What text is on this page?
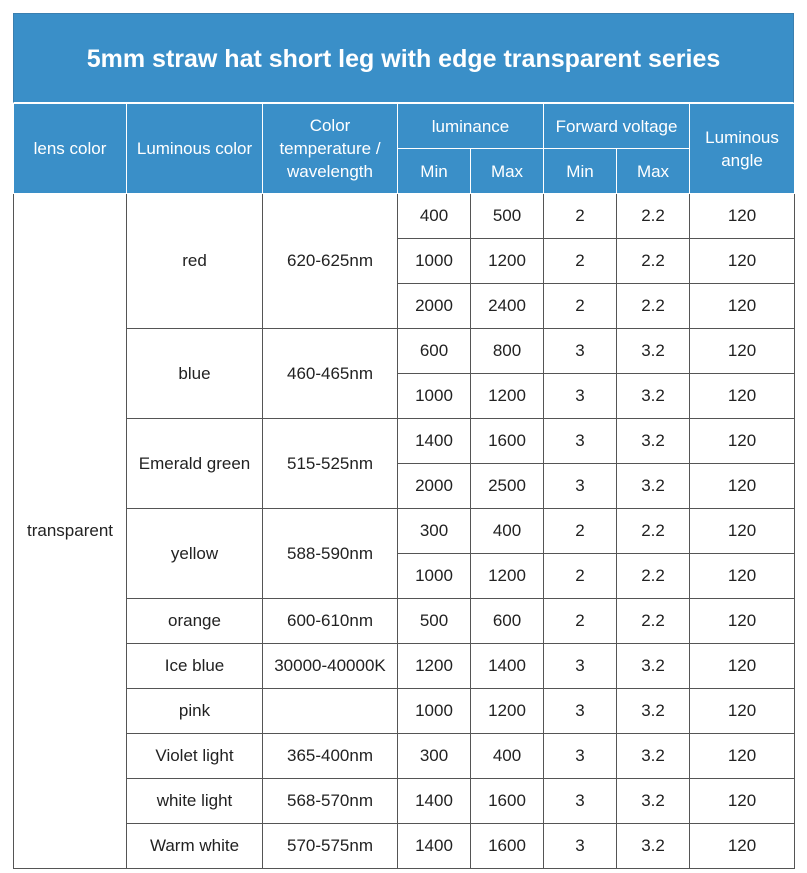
5mm straw hat short leg with edge transparent series
lens color	Luminous color	Color temperature / wavelength	luminance		Forward voltage		Luminous angle
			Min	Max	Min	Max	
transparent	red	620-625nm	400	500	2	2.2	120
			1000	1200	2	2.2	120
			2000	2400	2	2.2	120
	blue	460-465nm	600	800	3	3.2	120
			1000	1200	3	3.2	120
	Emerald green	515-525nm	1400	1600	3	3.2	120
			2000	2500	3	3.2	120
	yellow	588-590nm	300	400	2	2.2	120
			1000	1200	2	2.2	120
	orange	600-610nm	500	600	2	2.2	120
	Ice blue	30000-40000K	1200	1400	3	3.2	120
	pink		1000	1200	3	3.2	120
	Violet light	365-400nm	300	400	3	3.2	120
	white light	568-570nm	1400	1600	3	3.2	120
	Warm white	570-575nm	1400	1600	3	3.2	120
